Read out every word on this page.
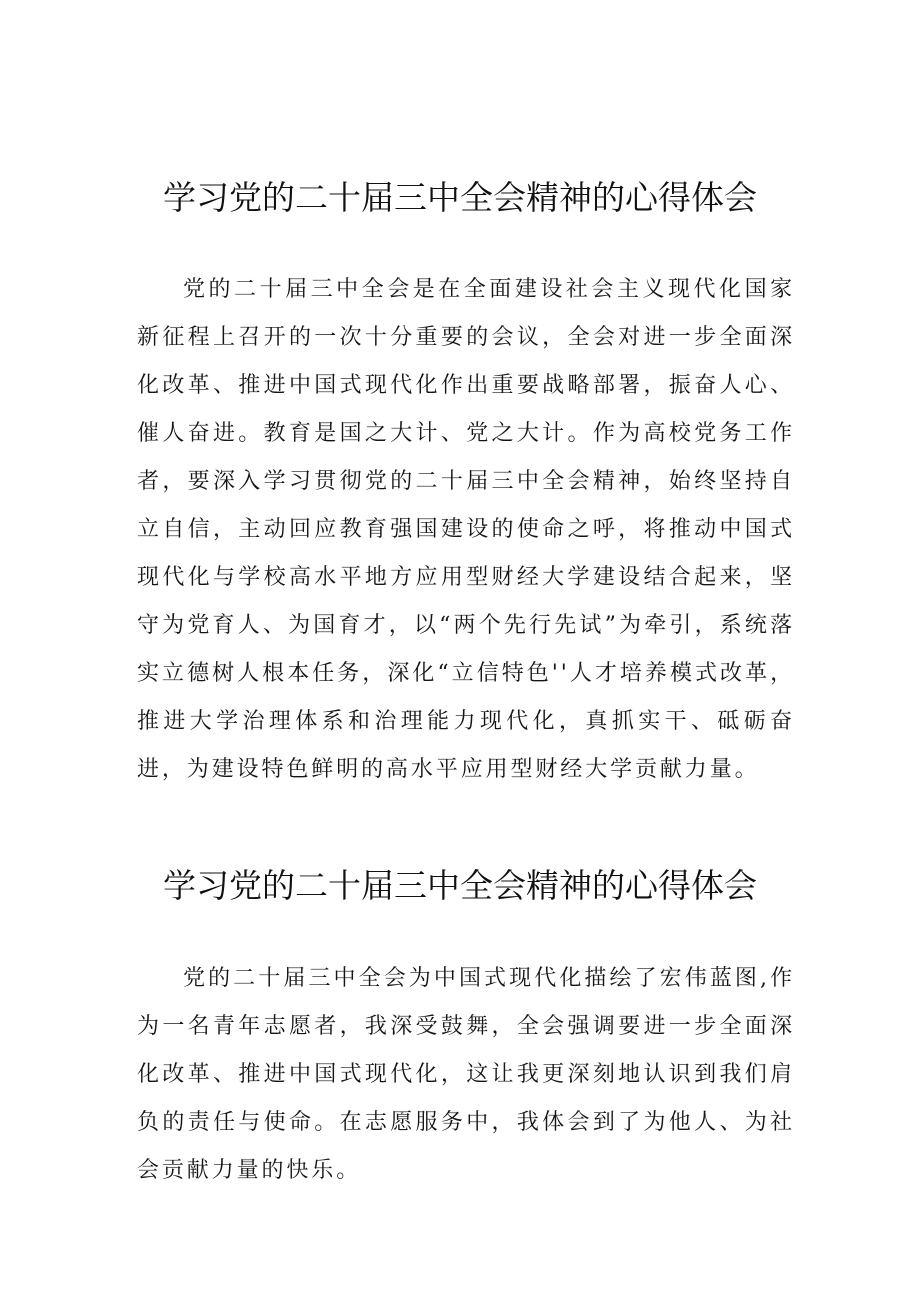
学习党的二十届三中全会精神的心得体会

党的二十届三中全会是在全面建设社会主义现代化国家新征程上召开的一次十分重要的会议，全会对进一步全面深化改革、推进中国式现代化作出重要战略部署，振奋人心、催人奋进。教育是国之大计、党之大计。作为高校党务工作者，要深入学习贯彻党的二十届三中全会精神，始终坚持自立自信，主动回应教育强国建设的使命之呼，将推动中国式现代化与学校高水平地方应用型财经大学建设结合起来，坚守为党育人、为国育才，以“两个先行先试”为牵引，系统落实立德树人根本任务，深化“立信特色''人才培养模式改革，推进大学治理体系和治理能力现代化，真抓实干、砥砺奋进，为建设特色鲜明的高水平应用型财经大学贡献力量。

学习党的二十届三中全会精神的心得体会

党的二十届三中全会为中国式现代化描绘了宏伟蓝图,作为一名青年志愿者，我深受鼓舞，全会强调要进一步全面深化改革、推进中国式现代化，这让我更深刻地认识到我们肩负的责任与使命。在志愿服务中，我体会到了为他人、为社会贡献力量的快乐。
